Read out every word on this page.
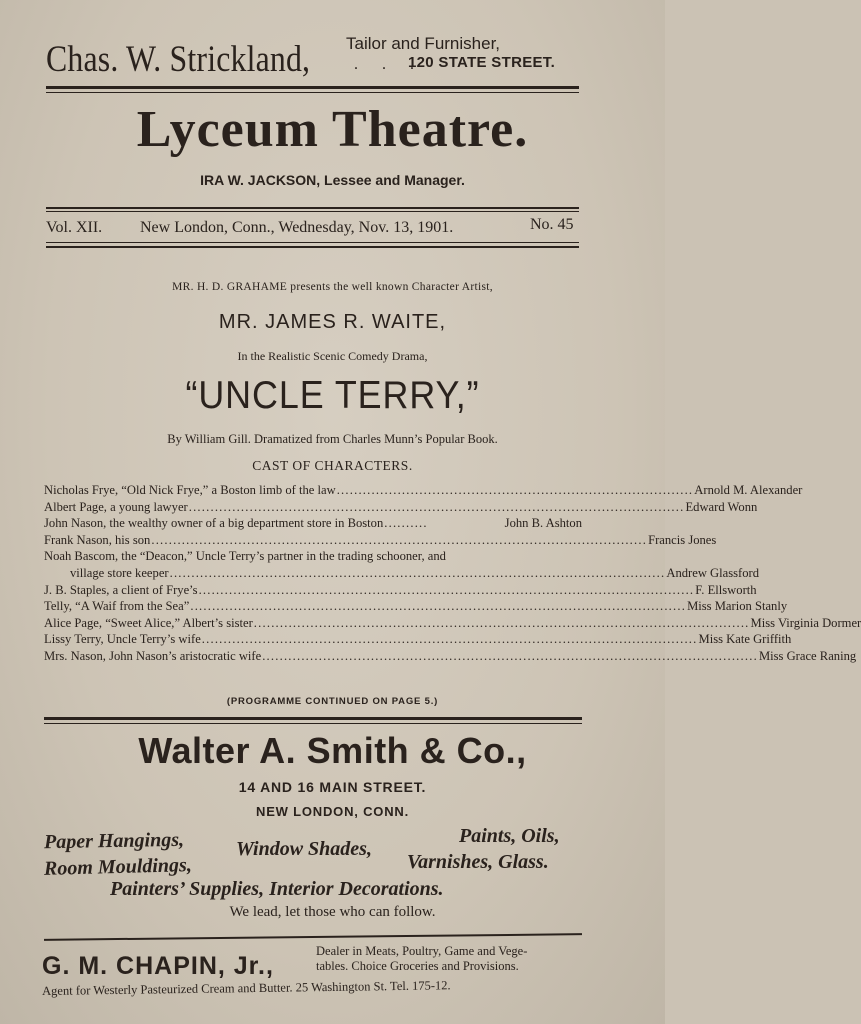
Chas. W. Strickland, Tailor and Furnisher,
. . .
120 STATE STREET.
Lyceum Theatre.
IRA W. JACKSON, Lessee and Manager.
Vol. XII. New London, Conn., Wednesday, Nov. 13, 1901.	No. 45
MR. H. D. GRAHAME presents the well known Character Artist,
MR. JAMES R. WAITE,
In the Realistic Scenic Comedy Drama,
“UNCLE TERRY,”
By William Gill. Dramatized from Charles Munn’s Popular Book.
CAST OF CHARACTERS.
Nicholas Frye, “Old Nick Frye,” a Boston limb of the law .................................................................................. Arnold M. Alexander
Albert Page, a young lawyer .................................................................................................................. Edward Wonn
John Nason, the wealthy owner of a big department store in Boston ..........	John B. Ashton
Frank Nason, his son .................................................................................................................. Francis Jones
Noah Bascom, the “Deacon,” Uncle Terry’s partner in the trading schooner, and
village store keeper .................................................................................................................. Andrew Glassford
J. B. Staples, a client of Frye’s .................................................................................................................. F. Ellsworth
Telly, “A Waif from the Sea” .................................................................................................................. Miss Marion Stanly
Alice Page, “Sweet Alice,” Albert’s sister .................................................................................................................. Miss Virginia Dormer
Lissy Terry, Uncle Terry’s wife .................................................................................................................. Miss Kate Griffith
Mrs. Nason, John Nason’s aristocratic wife .................................................................................................................. Miss Grace Raning
(PROGRAMME CONTINUED ON PAGE 5.)
Walter A. Smith & Co.,
14 AND 16 MAIN STREET.
NEW LONDON, CONN.
Paper Hangings,
Room Mouldings,
Window Shades,
Paints, Oils,
Varnishes, Glass.
Painters’ Supplies, Interior Decorations.
We lead, let those who can follow.
G. M. CHAPIN, Jr.,
Dealer in Meats, Poultry, Game and Vege-
tables. Choice Groceries and Provisions.
Agent for Westerly Pasteurized Cream and Butter. 25 Washington St. Tel. 175-12.
